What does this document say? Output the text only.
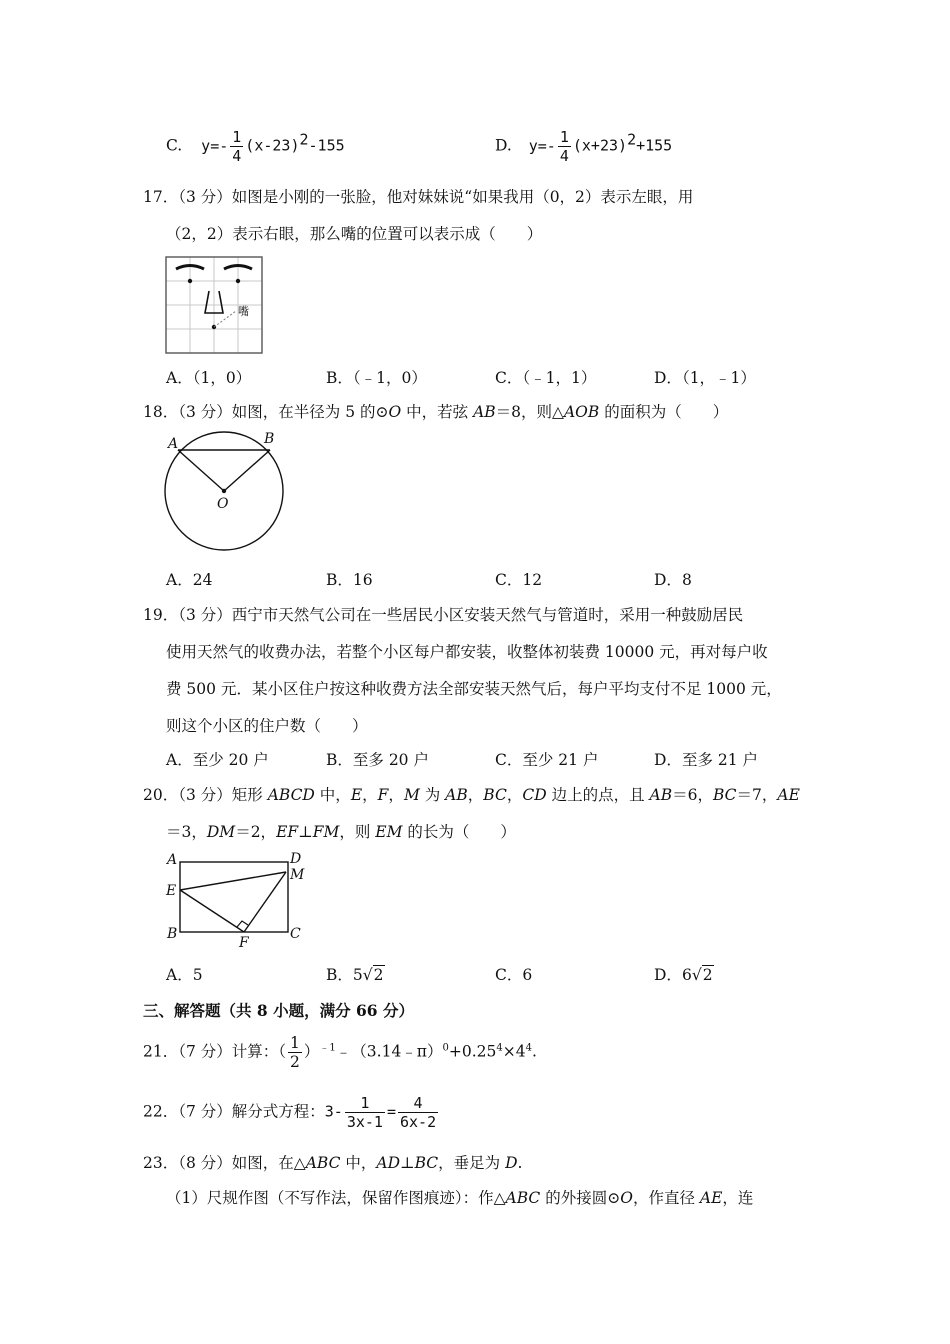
C. $y=- \frac{1}{4} (x-23)^2-155$	D. $y=- \frac{1}{4} (x+23)^2+155$
17．（3 分）如图是小刚的一张脸，他对妹妹说“如果我用（0，2）表示左眼，用
（2，2）表示右眼，那么嘴的位置可以表示成（　　）
嘴
A．（1，0）	B．（﹣1，0）	C．（﹣1，1）	D．（1，﹣1）
18．（3 分）如图，在半径为 5 的⊙O 中，若弦 AB＝8，则△AOB 的面积为（　　）
A	B
O
A．24	B．16	C．12	D．8
19．（3 分）西宁市天然气公司在一些居民小区安装天然气与管道时，采用一种鼓励居民
使用天然气的收费办法，若整个小区每户都安装，收整体初装费 10000 元，再对每户收
费 500 元．某小区住户按这种收费方法全部安装天然气后，每户平均支付不足 1000 元，
则这个小区的住户数（　　）
A．至少 20 户	B．至多 20 户	C．至少 21 户	D．至多 21 户
20．（3 分）矩形 ABCD 中，E，F，M 为 AB，BC，CD 边上的点，且 AB＝6，BC＝7，AE
＝3，DM＝2，EF⊥FM，则 EM 的长为（　　）
A	D
M
E
B
F
C
A．5	B．5√2	C．6	D．6√2
三、解答题（共 8 小题，满分 66 分）
21．（7 分）计算：（ $\frac{1}{2}$ ）$^{﹣1}﹣(3.14﹣\pi)^0+0.25^4\times 4^4$.
22．（7 分）解分式方程：$3- \frac{1}{3x-1} = \frac{4}{6x-2}$
23．（8 分）如图，在△ABC 中，AD⊥BC，垂足为 D.
（1）尺规作图（不写作法，保留作图痕迹）：作△ABC 的外接圆⊙O，作直径 AE，连
